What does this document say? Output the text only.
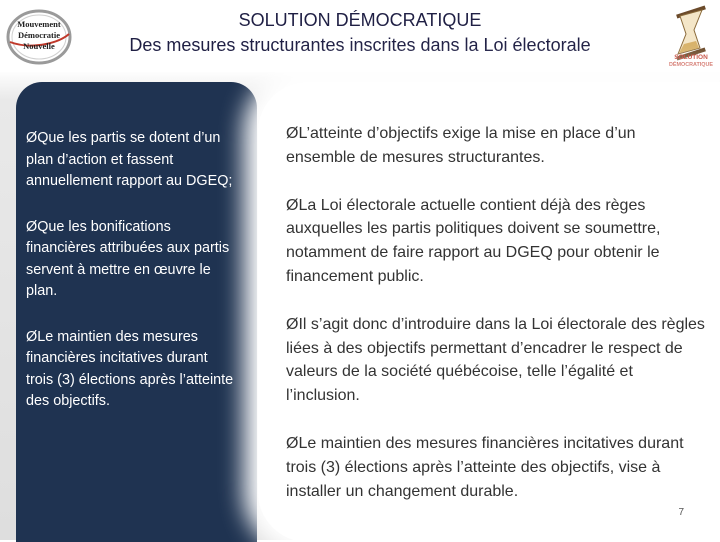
Mouvement
Démocratie
Nouvelle
SOLUTION DÉMOCRATIQUE
Des mesures structurantes inscrites dans la Loi électorale
SOLUTION
DÉMOCRATIQUE
ØQue les partis se dotent d’un plan d’action et fassent annuellement rapport au DGEQ;
ØQue les bonifications financières attribuées aux partis servent à mettre en œuvre le plan.
ØLe maintien des mesures financières incitatives durant trois (3) élections après l’atteinte des objectifs.
ØL’atteinte d’objectifs exige la mise en place d’un ensemble de mesures structurantes.
ØLa Loi électorale actuelle contient déjà des règes auxquelles les partis politiques doivent se soumettre, notamment de faire rapport au DGEQ pour obtenir le financement public.
ØIl s’agit donc d’introduire dans la Loi électorale des règles liées à des objectifs permettant d’encadrer le respect de valeurs de la société québécoise, telle l’égalité et l’inclusion.
ØLe maintien des mesures financières incitatives durant trois (3) élections après l’atteinte des objectifs, vise à installer un changement durable.
7
